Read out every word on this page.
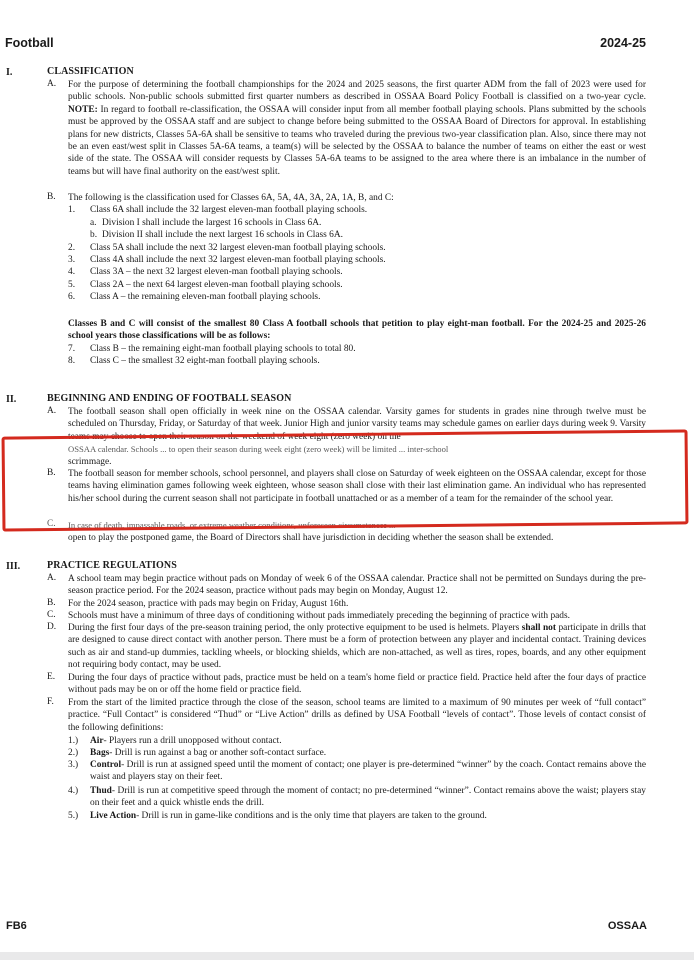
Football	2024-25
I.	CLASSIFICATION
A. For the purpose of determining the football championships for the 2024 and 2025 seasons, the first quarter ADM from the fall of 2023 were used for public schools. Non-public schools submitted first quarter numbers as described in OSSAA Board Policy Football is classified on a two-year cycle. NOTE: In regard to football re-classification, the OSSAA will consider input from all member football playing schools. Plans submitted by the schools must be approved by the OSSAA staff and are subject to change before being submitted to the OSSAA Board of Directors for approval. In establishing plans for new districts, Classes 5A-6A shall be sensitive to teams who traveled during the previous two-year classification plan. Also, since there may not be an even east/west split in Classes 5A-6A teams, a team(s) will be selected by the OSSAA to balance the number of teams on either the east or west side of the state. The OSSAA will consider requests by Classes 5A-6A teams to be assigned to the area where there is an imbalance in the number of teams but will have final authority on the east/west split.
B. The following is the classification used for Classes 6A, 5A, 4A, 3A, 2A, 1A, B, and C:
1. Class 6A shall include the 32 largest eleven-man football playing schools.
a. Division I shall include the largest 16 schools in Class 6A.
b. Division II shall include the next largest 16 schools in Class 6A.
2. Class 5A shall include the next 32 largest eleven-man football playing schools.
3. Class 4A shall include the next 32 largest eleven-man football playing schools.
4. Class 3A – the next 32 largest eleven-man football playing schools.
5. Class 2A – the next 64 largest eleven-man football playing schools.
6. Class A – the remaining eleven-man football playing schools.
Classes B and C will consist of the smallest 80 Class A football schools that petition to play eight-man football. For the 2024-25 and 2025-26 school years those classifications will be as follows:
7. Class B – the remaining eight-man football playing schools to total 80.
8. Class C – the smallest 32 eight-man football playing schools.
II.	BEGINNING AND ENDING OF FOOTBALL SEASON
A. The football season shall open officially in week nine on the OSSAA calendar. Varsity games for students in grades nine through twelve must be scheduled on Thursday, Friday, or Saturday of that week. Junior High and junior varsity teams may schedule games on earlier days during week 9. Varsity teams may choose to open their season on the weekend of week eight (zero week) on the
OSSAA calendar. Schools ... to open their season during week eight (zero week) will be limited ... inter-school
scrimmage.
B. The football season for member schools, school personnel, and players shall close on Saturday of week eighteen on the OSSAA calendar, except for those teams having elimination games following week eighteen, whose season shall close with their last elimination game. An individual who has represented his/her school during the current season shall not participate in football unattached or as a member of a team for the remainder of the school year.
C. In case of death, impassable roads, or extreme weather conditions, unforeseen circumstances ...
open to play the postponed game, the Board of Directors shall have jurisdiction in deciding whether the season shall be extended.
III.	PRACTICE REGULATIONS
A. A school team may begin practice without pads on Monday of week 6 of the OSSAA calendar. Practice shall not be permitted on Sundays during the pre-season practice period. For the 2024 season, practice without pads may begin on Monday, August 12.
B. For the 2024 season, practice with pads may begin on Friday, August 16th.
C. Schools must have a minimum of three days of conditioning without pads immediately preceding the beginning of practice with pads.
D. During the first four days of the pre-season training period, the only protective equipment to be used is helmets. Players shall not participate in drills that are designed to cause direct contact with another person. There must be a form of protection between any player and incidental contact. Training devices such as air and stand-up dummies, tackling wheels, or blocking shields, which are non-attached, as well as tires, ropes, boards, and any other equipment not requiring body contact, may be used.
E. During the four days of practice without pads, practice must be held on a team's home field or practice field. Practice held after the four days of practice without pads may be on or off the home field or practice field.
F. From the start of the limited practice through the close of the season, school teams are limited to a maximum of 90 minutes per week of “full contact” practice. “Full Contact” is considered “Thud” or “Live Action” drills as defined by USA Football “levels of contact”. Those levels of contact consist of the following definitions:
1.) Air- Players run a drill unopposed without contact.
2.) Bags- Drill is run against a bag or another soft-contact surface.
3.) Control- Drill is run at assigned speed until the moment of contact; one player is pre-determined “winner” by the coach. Contact remains above the waist and players stay on their feet.
4.) Thud- Drill is run at competitive speed through the moment of contact; no pre-determined “winner”. Contact remains above the waist; players stay on their feet and a quick whistle ends the drill.
5.) Live Action- Drill is run in game-like conditions and is the only time that players are taken to the ground.
FB6	OSSAA
